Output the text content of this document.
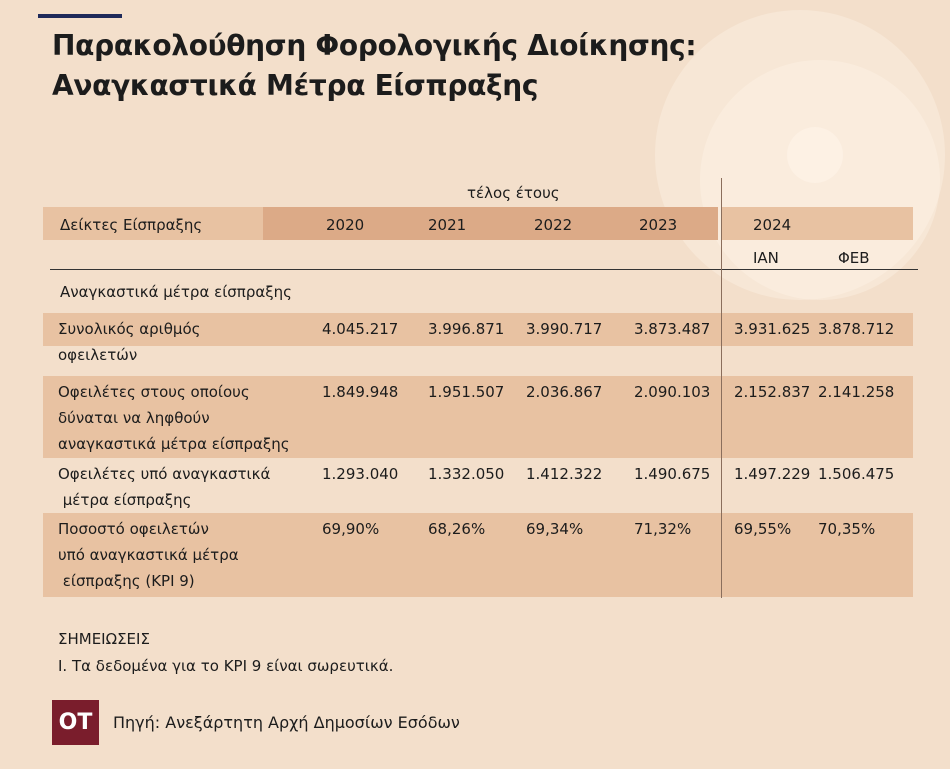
Παρακολούθηση Φορολογικής Διοίκησης:
Αναγκαστικά Μέτρα Είσπραξης
τέλος έτους
Δείκτες Είσπραξης	2020	2021	2022	2023	2024
ΙΑΝ	ΦΕΒ
Αναγκαστικά μέτρα είσπραξης
Συνολικός αριθμός
οφειλετών
4.045.217 3.996.871 3.990.717 3.873.487 3.931.625 3.878.712
Οφειλέτες στους οποίους
δύναται να ληφθούν
αναγκαστικά μέτρα είσπραξης
1.849.948 1.951.507 2.036.867 2.090.103 2.152.837 2.141.258
Οφειλέτες υπό αναγκαστικά
μέτρα είσπραξης
1.293.040 1.332.050 1.412.322 1.490.675 1.497.229 1.506.475
Ποσοστό οφειλετών
υπό αναγκαστικά μέτρα
είσπραξης (KPI 9)
69,90%	68,26%	69,34%	71,32%	69,55% 70,35%
ΣΗΜΕΙΩΣΕΙΣ
I. Τα δεδομένα για το KPI 9 είναι σωρευτικά.
OT	Πηγή: Ανεξάρτητη Αρχή Δημοσίων Εσόδων
